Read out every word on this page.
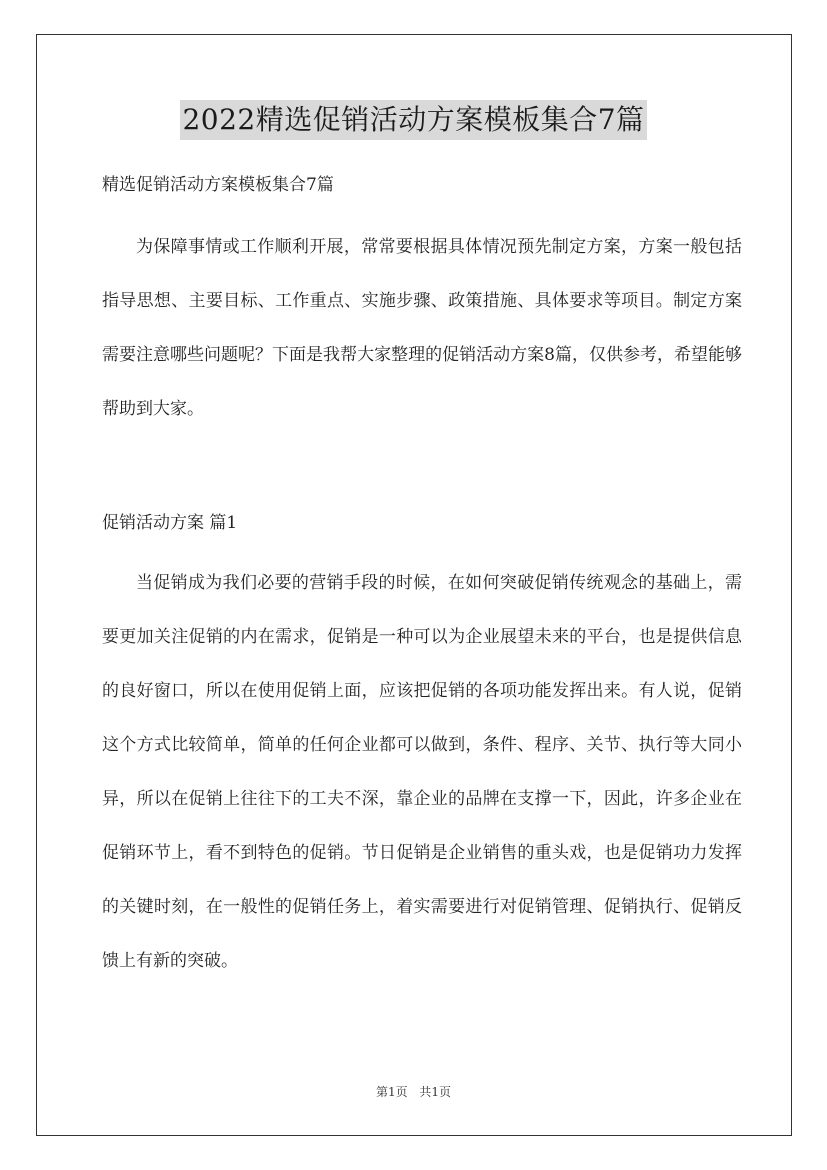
2022精选促销活动方案模板集合7篇

精选促销活动方案模板集合7篇

为保障事情或工作顺利开展，常常要根据具体情况预先制定方案，方案一般包括指导思想、主要目标、工作重点、实施步骤、政策措施、具体要求等项目。制定方案需要注意哪些问题呢？下面是我帮大家整理的促销活动方案8篇，仅供参考，希望能够帮助到大家。

促销活动方案 篇1

当促销成为我们必要的营销手段的时候，在如何突破促销传统观念的基础上，需要更加关注促销的内在需求，促销是一种可以为企业展望未来的平台，也是提供信息的良好窗口，所以在使用促销上面，应该把促销的各项功能发挥出来。有人说，促销这个方式比较简单，简单的任何企业都可以做到，条件、程序、关节、执行等大同小异，所以在促销上往往下的工夫不深，靠企业的品牌在支撑一下，因此，许多企业在促销环节上，看不到特色的促销。节日促销是企业销售的重头戏，也是促销功力发挥的关键时刻，在一般性的促销任务上，着实需要进行对促销管理、促销执行、促销反馈上有新的突破。

第1页 共1页
